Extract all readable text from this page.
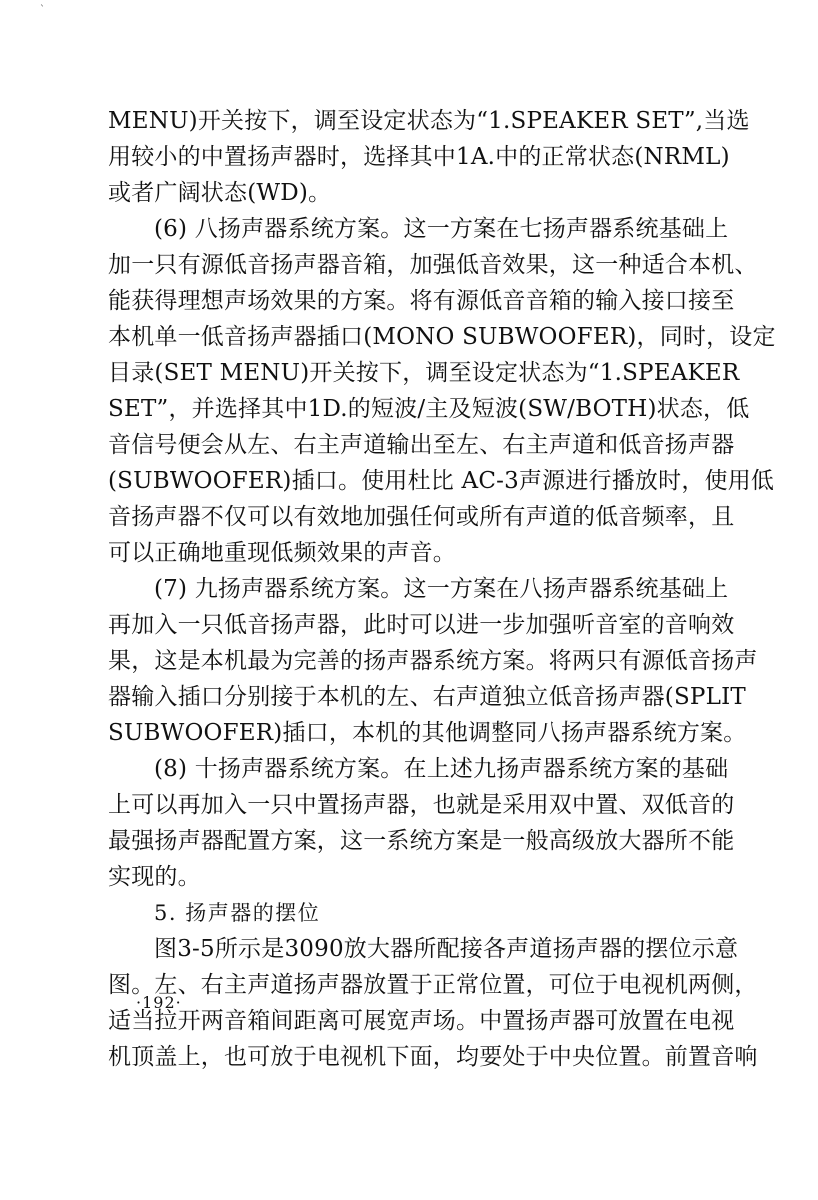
`
MENU)开关按下，调至设定状态为“1.SPEAKER SET”,当选
用较小的中置扬声器时，选择其中1A.中的正常状态(NRML)
或者广阔状态(WD)。
(6) 八扬声器系统方案。这一方案在七扬声器系统基础上
加一只有源低音扬声器音箱，加强低音效果，这一种适合本机、
能获得理想声场效果的方案。将有源低音音箱的输入接口接至
本机单一低音扬声器插口(MONO SUBWOOFER)，同时，设定
目录(SET MENU)开关按下，调至设定状态为“1.SPEAKER
SET”，并选择其中1D.的短波/主及短波(SW/BOTH)状态，低
音信号便会从左、右主声道输出至左、右主声道和低音扬声器
(SUBWOOFER)插口。使用杜比 AC-3声源进行播放时，使用低
音扬声器不仅可以有效地加强任何或所有声道的低音频率，且
可以正确地重现低频效果的声音。
(7) 九扬声器系统方案。这一方案在八扬声器系统基础上
再加入一只低音扬声器，此时可以进一步加强听音室的音响效
果，这是本机最为完善的扬声器系统方案。将两只有源低音扬声
器输入插口分别接于本机的左、右声道独立低音扬声器(SPLIT
SUBWOOFER)插口，本机的其他调整同八扬声器系统方案。
(8) 十扬声器系统方案。在上述九扬声器系统方案的基础
上可以再加入一只中置扬声器，也就是采用双中置、双低音的
最强扬声器配置方案，这一系统方案是一般高级放大器所不能
实现的。
5. 扬声器的摆位
图3-5所示是3090放大器所配接各声道扬声器的摆位示意
图。左、右主声道扬声器放置于正常位置，可位于电视机两侧，
适当拉开两音箱间距离可展宽声场。中置扬声器可放置在电视
机顶盖上，也可放于电视机下面，均要处于中央位置。前置音响
·192·
